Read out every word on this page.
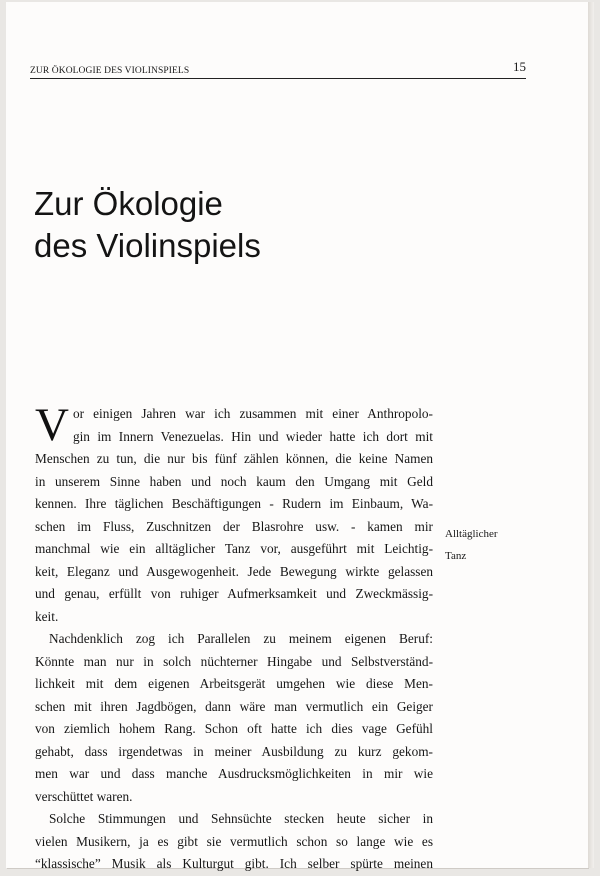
ZUR ÖKOLOGIE DES VIOLINSPIELS	15
Zur Ökologie
des Violinspiels
V or einigen Jahren war ich zusammen mit einer Anthropolo-
gin im Innern Venezuelas. Hin und wieder hatte ich dort mit
Menschen zu tun, die nur bis fünf zählen können, die keine Namen
in unserem Sinne haben und noch kaum den Umgang mit Geld
kennen. Ihre täglichen Beschäftigungen - Rudern im Einbaum, Wa-
schen im Fluss, Zuschnitzen der Blasrohre usw. - kamen mir
manchmal wie ein alltäglicher Tanz vor, ausgeführt mit Leichtig-
keit, Eleganz und Ausgewogenheit. Jede Bewegung wirkte gelassen
und genau, erfüllt von ruhiger Aufmerksamkeit und Zweckmässig-
keit.
Nachdenklich zog ich Parallelen zu meinem eigenen Beruf:
Könnte man nur in solch nüchterner Hingabe und Selbstverständ-
lichkeit mit dem eigenen Arbeitsgerät umgehen wie diese Men-
schen mit ihren Jagdbögen, dann wäre man vermutlich ein Geiger
von ziemlich hohem Rang. Schon oft hatte ich dies vage Gefühl
gehabt, dass irgendetwas in meiner Ausbildung zu kurz gekom-
men war und dass manche Ausdrucksmöglichkeiten in mir wie
verschüttet waren.
Solche Stimmungen und Sehnsüchte stecken heute sicher in
vielen Musikern, ja es gibt sie vermutlich schon so lange wie es
“klassische” Musik als Kulturgut gibt. Ich selber spürte meinen
Alltäglicher
Tanz
